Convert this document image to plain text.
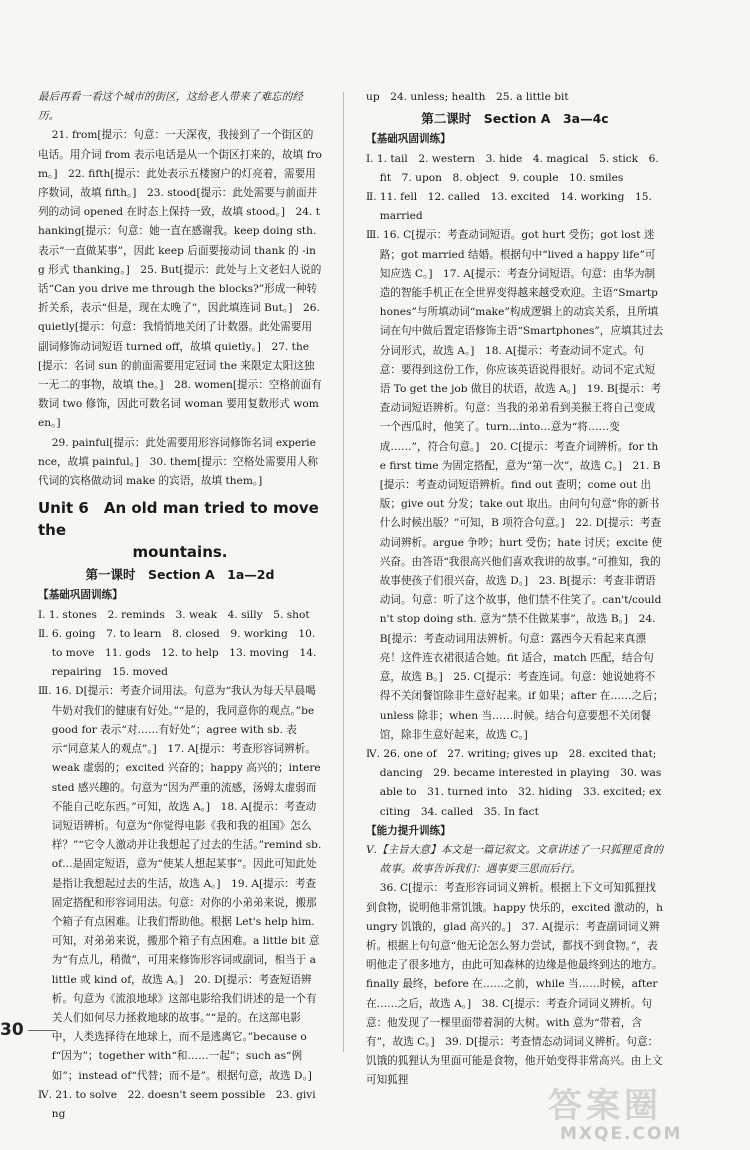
最后再看一看这个城市的街区，这给老人带来了难忘的经历。

21. from[提示：句意：一天深夜，我接到了一个街区的电话。用介词 from 表示电话是从一个街区打来的，故填 from。]　22. fifth[提示：此处表示五楼窗户的灯亮着，需要用序数词，故填 fifth。]　23. stood[提示：此处需要与前面并列的动词 opened 在时态上保持一致，故填 stood。]　24. thanking[提示：句意：她一直在感谢我。keep doing sth. 表示“一直做某事”，因此 keep 后面要接动词 thank 的 -ing 形式 thanking。]　25. But[提示：此处与上文老妇人说的话“Can you drive me through the blocks?”形成一种转折关系，表示“但是，现在太晚了”，因此填连词 But。]　26. quietly[提示：句意：我悄悄地关闭了计数器。此处需要用副词修饰动词短语 turned off，故填 quietly。]　27. the[提示：名词 sun 的前面需要用定冠词 the 来限定太阳这独一无二的事物，故填 the。]　28. women[提示：空格前面有数词 two 修饰，因此可数名词 woman 要用复数形式 women。]

29. painful[提示：此处需要用形容词修饰名词 experience，故填 painful。]　30. them[提示：空格处需要用人称代词的宾格做动词 make 的宾语，故填 them。]

Unit 6　An old man tried to move the
mountains.
第一课时　Section A　1a—2d
【基础巩固训练】

Ⅰ. 1. stones　2. reminds　3. weak　4. silly　5. shot

Ⅱ. 6. going　7. to learn　8. closed　9. working　10. to move　11. gods　12. to help　13. moving　14. repairing　15. moved

Ⅲ. 16. D[提示：考查介词用法。句意为“我认为每天早晨喝牛奶对我们的健康有好处。”“是的，我同意你的观点。”be good for 表示“对……有好处”；agree with sb. 表示“同意某人的观点”。]　17. A[提示：考查形容词辨析。weak 虚弱的；excited 兴奋的；happy 高兴的；interested 感兴趣的。句意为“因为严重的流感，汤姆太虚弱而不能自己吃东西。”可知，故选 A。]　18. A[提示：考查动词短语辨析。句意为“你觉得电影《我和我的祖国》怎么样？”“它令人激动并让我想起了过去的生活。”remind sb. of…是固定短语，意为“使某人想起某事”。因此可知此处是指让我想起过去的生活，故选 A。]　19. A[提示：考查固定搭配和形容词用法。句意：对你的小弟弟来说，搬那个箱子有点困难。让我们帮助他。根据 Let's help him. 可知，对弟弟来说，搬那个箱子有点困难。a little bit 意为“有点儿，稍微”，可用来修饰形容词或副词，相当于 a little 或 kind of，故选 A。]　20. D[提示：考查短语辨析。句意为《流浪地球》这部电影给我们讲述的是一个有关人们如何尽力拯救地球的故事。”“是的。在这部电影中，人类选择待在地球上，而不是逃离它。”because of“因为”；together with“和……一起”；such as“例如”；instead of“代替；而不是”。根据句意，故选 D。]

Ⅳ. 21. to solve　22. doesn't seem possible　23. giving

up　24. unless; health　25. a little bit

第二课时　Section A　3a—4c
【基础巩固训练】

Ⅰ. 1. tail　2. western　3. hide　4. magical　5. stick　6. fit　7. upon　8. object　9. couple　10. smiles

Ⅱ. 11. fell　12. called　13. excited　14. working　15. married

Ⅲ. 16. C[提示：考查动词短语。got hurt 受伤；got lost 迷路；got married 结婚。根据句中“lived a happy life”可知应选 C。]　17. A[提示：考查分词短语。句意：由华为制造的智能手机正在全世界变得越来越受欢迎。主语“Smartphones”与所填动词“make”构成逻辑上的动宾关系，且所填词在句中做后置定语修饰主语“Smartphones”，应填其过去分词形式，故选 A。]　18. A[提示：考查动词不定式。句意：要得到这份工作，你应该英语说得很好。动词不定式短语 To get the job 做目的状语，故选 A。]　19. B[提示：考查动词短语辨析。句意：当我的弟弟看到美猴王将自己变成一个西瓜时，他笑了。turn…into…意为“将……变成……”，符合句意。]　20. C[提示：考查介词辨析。for the first time 为固定搭配，意为“第一次”，故选 C。]　21. B[提示：考查动词短语辨析。find out 查明；come out 出版；give out 分发；take out 取出。由问句句意“你的新书什么时候出版？”可知，B 项符合句意。]　22. D[提示：考查动词辨析。argue 争吵；hurt 受伤；hate 讨厌；excite 使兴奋。由答语“我很高兴他们喜欢我讲的故事。”可推知，我的故事使孩子们很兴奋，故选 D。]　23. B[提示：考查非谓语动词。句意：听了这个故事，他们禁不住笑了。can't/couldn't stop doing sth. 意为“禁不住做某事”，故选 B。]　24. B[提示：考查动词用法辨析。句意：露西今天看起来真漂亮！这件连衣裙很适合她。fit 适合，match 匹配，结合句意，故选 B。]　25. C[提示：考查连词。句意：她说她将不得不关闭餐馆除非生意好起来。if 如果；after 在……之后；unless 除非；when 当……时候。结合句意要想不关闭餐馆，除非生意好起来，故选 C。]

Ⅳ. 26. one of　27. writing; gives up　28. excited that; dancing　29. became interested in playing　30. was able to　31. turned into　32. hiding　33. excited; exciting　34. called　35. In fact

【能力提升训练】

Ⅴ.【主旨大意】本文是一篇记叙文。文章讲述了一只狐狸觅食的故事。故事告诉我们：遇事要三思而后行。

36. C[提示：考查形容词词义辨析。根据上下文可知狐狸找到食物，说明他非常饥饿。happy 快乐的，excited 激动的，hungry 饥饿的，glad 高兴的。]　37. A[提示：考查副词词义辨析。根据上句句意“他无论怎么努力尝试，都找不到食物。”，表明他走了很多地方，由此可知森林的边缘是他最终到达的地方。finally 最终，before 在……之前，while 当……时候，after 在……之后，故选 A。]　38. C[提示：考查介词词义辨析。句意：他发现了一棵里面带着洞的大树。with 意为“带着，含有”，故选 C。]　39. D[提示：考查情态动词词义辨析。句意：饥饿的狐狸认为里面可能是食物，他开始变得非常高兴。由上文可知狐狸

30
答案圈
MXQE.COM
